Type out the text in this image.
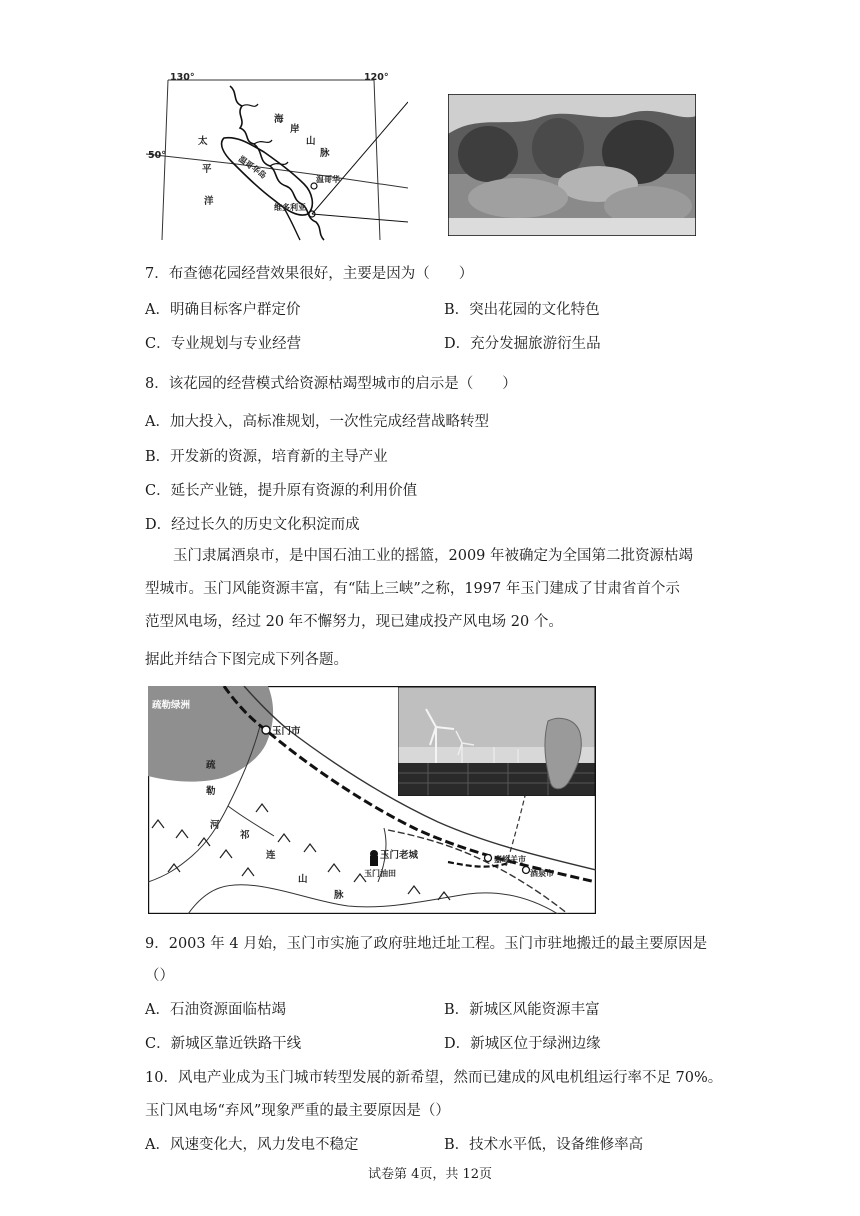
130°	120°
50°
太
平
洋
海
岸
山
脉
温哥华岛	温哥华
维多利亚
7．布查德花园经营效果很好，主要是因为（　　）
A．明确目标客户群定价	B．突出花园的文化特色
C．专业规划与专业经营	D．充分发掘旅游衍生品
8．该花园的经营模式给资源枯竭型城市的启示是（　　）
A．加大投入，高标准规划，一次性完成经营战略转型
B．开发新的资源，培育新的主导产业
C．延长产业链，提升原有资源的利用价值
D．经过长久的历史文化积淀而成
玉门隶属酒泉市，是中国石油工业的摇篮，2009 年被确定为全国第二批资源枯竭
型城市。玉门风能资源丰富，有“陆上三峡”之称，1997 年玉门建成了甘肃省首个示
范型风电场，经过 20 年不懈努力，现已建成投产风电场 20 个。
据此并结合下图完成下列各题。
疏勒绿洲
玉门市
疏
勒
河
祁
连
山
脉
玉门老城
玉门油田
嘉峪关市
酒泉市
9．2003 年 4 月始，玉门市实施了政府驻地迁址工程。玉门市驻地搬迁的最主要原因是
（）
A．石油资源面临枯竭	B．新城区风能资源丰富
C．新城区靠近铁路干线	D．新城区位于绿洲边缘
10．风电产业成为玉门城市转型发展的新希望，然而已建成的风电机组运行率不足 70%。
玉门风电场“弃风”现象严重的最主要原因是（）
A．风速变化大，风力发电不稳定	B．技术水平低，设备维修率高
试卷第 4页，共 12页
